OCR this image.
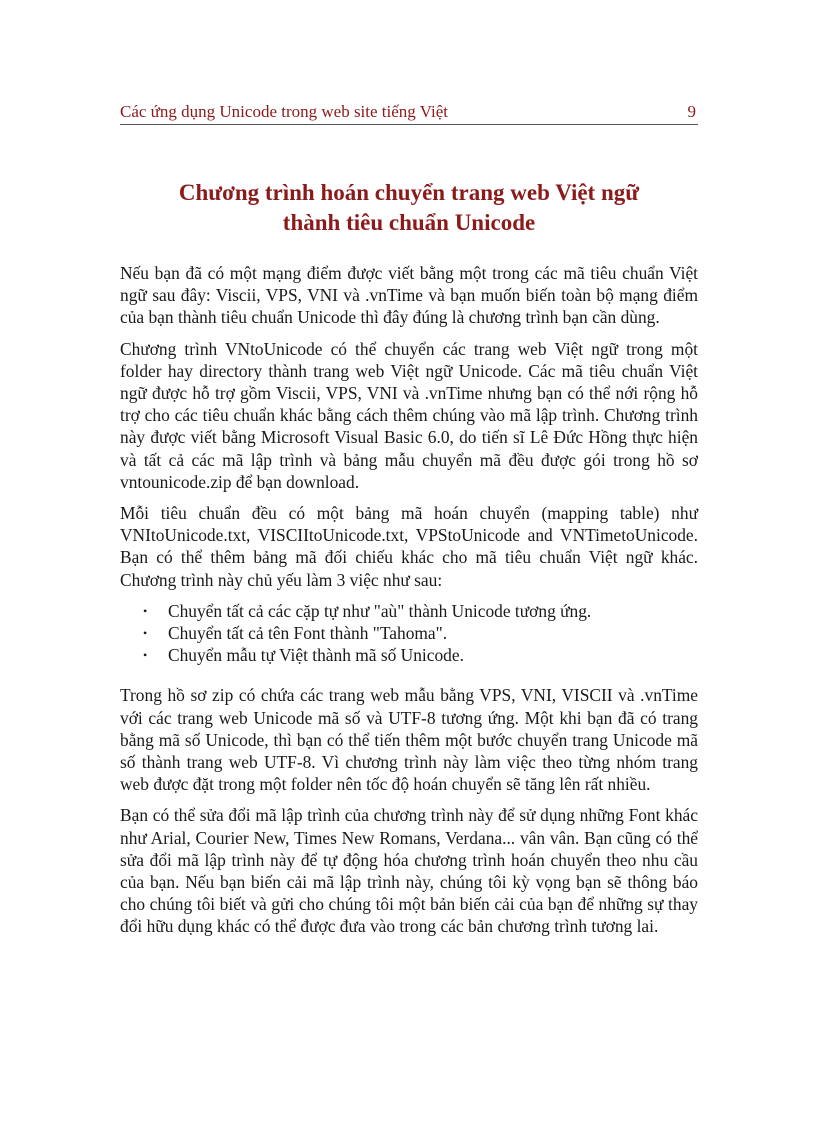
Các ứng dụng Unicode trong web site tiếng Việt	9
Chương trình hoán chuyển trang web Việt ngữ
thành tiêu chuẩn Unicode

Nếu bạn đã có một mạng điểm được viết bằng một trong các mã tiêu chuẩn Việt ngữ sau đây: Viscii, VPS, VNI và .vnTime và bạn muốn biến toàn bộ mạng điểm của bạn thành tiêu chuẩn Unicode thì đây đúng là chương trình bạn cần dùng.

Chương trình VNtoUnicode có thể chuyển các trang web Việt ngữ trong một folder hay directory thành trang web Việt ngữ Unicode. Các mã tiêu chuẩn Việt ngữ được hỗ trợ gồm Viscii, VPS, VNI và .vnTime nhưng bạn có thể nới rộng hỗ trợ cho các tiêu chuẩn khác bằng cách thêm chúng vào mã lập trình. Chương trình này được viết bằng Microsoft Visual Basic 6.0, do tiến sĩ Lê Đức Hồng thực hiện và tất cả các mã lập trình và bảng mẫu chuyển mã đều được gói trong hồ sơ vntounicode.zip để bạn download.

Mỗi tiêu chuẩn đều có một bảng mã hoán chuyển (mapping table) như VNItoUnicode.txt, VISCIItoUnicode.txt, VPStoUnicode and VNTimetoUnicode. Bạn có thể thêm bảng mã đối chiếu khác cho mã tiêu chuẩn Việt ngữ khác. Chương trình này chủ yếu làm 3 việc như sau:

• Chuyển tất cả các cặp tự như "aù" thành Unicode tương ứng.
• Chuyển tất cả tên Font thành "Tahoma".
• Chuyển mẫu tự Việt thành mã số Unicode.

Trong hồ sơ zip có chứa các trang web mẫu bằng VPS, VNI, VISCII và .vnTime với các trang web Unicode mã số và UTF-8 tương ứng. Một khi bạn đã có trang bằng mã số Unicode, thì bạn có thể tiến thêm một bước chuyển trang Unicode mã số thành trang web UTF-8. Vì chương trình này làm việc theo từng nhóm trang web được đặt trong một folder nên tốc độ hoán chuyển sẽ tăng lên rất nhiều.

Bạn có thể sửa đổi mã lập trình của chương trình này để sử dụng những Font khác như Arial, Courier New, Times New Romans, Verdana... vân vân. Bạn cũng có thể sửa đổi mã lập trình này để tự động hóa chương trình hoán chuyển theo nhu cầu của bạn. Nếu bạn biến cải mã lập trình này, chúng tôi kỳ vọng bạn sẽ thông báo cho chúng tôi biết và gửi cho chúng tôi một bản biến cải của bạn để những sự thay đổi hữu dụng khác có thể được đưa vào trong các bản chương trình tương lai.
